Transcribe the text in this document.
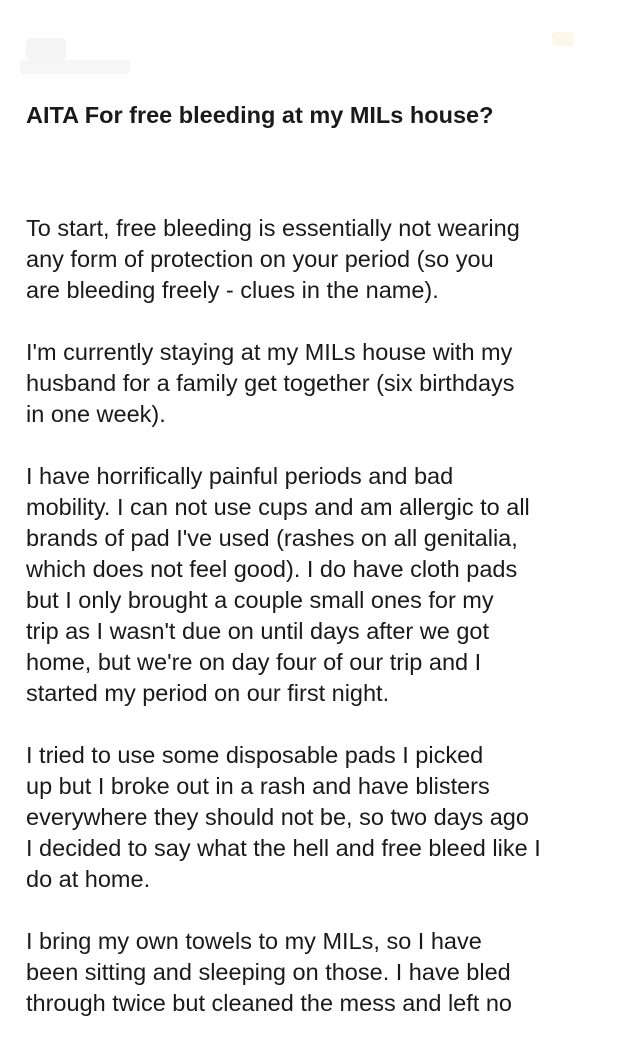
AITA For free bleeding at my MILs house?

To start, free bleeding is essentially not wearing
any form of protection on your period (so you
are bleeding freely - clues in the name).

I'm currently staying at my MILs house with my
husband for a family get together (six birthdays
in one week).

I have horrifically painful periods and bad
mobility. I can not use cups and am allergic to all
brands of pad I've used (rashes on all genitalia,
which does not feel good). I do have cloth pads
but I only brought a couple small ones for my
trip as I wasn't due on until days after we got
home, but we're on day four of our trip and I
started my period on our first night.

I tried to use some disposable pads I picked
up but I broke out in a rash and have blisters
everywhere they should not be, so two days ago
I decided to say what the hell and free bleed like I
do at home.

I bring my own towels to my MILs, so I have
been sitting and sleeping on those. I have bled
through twice but cleaned the mess and left no
